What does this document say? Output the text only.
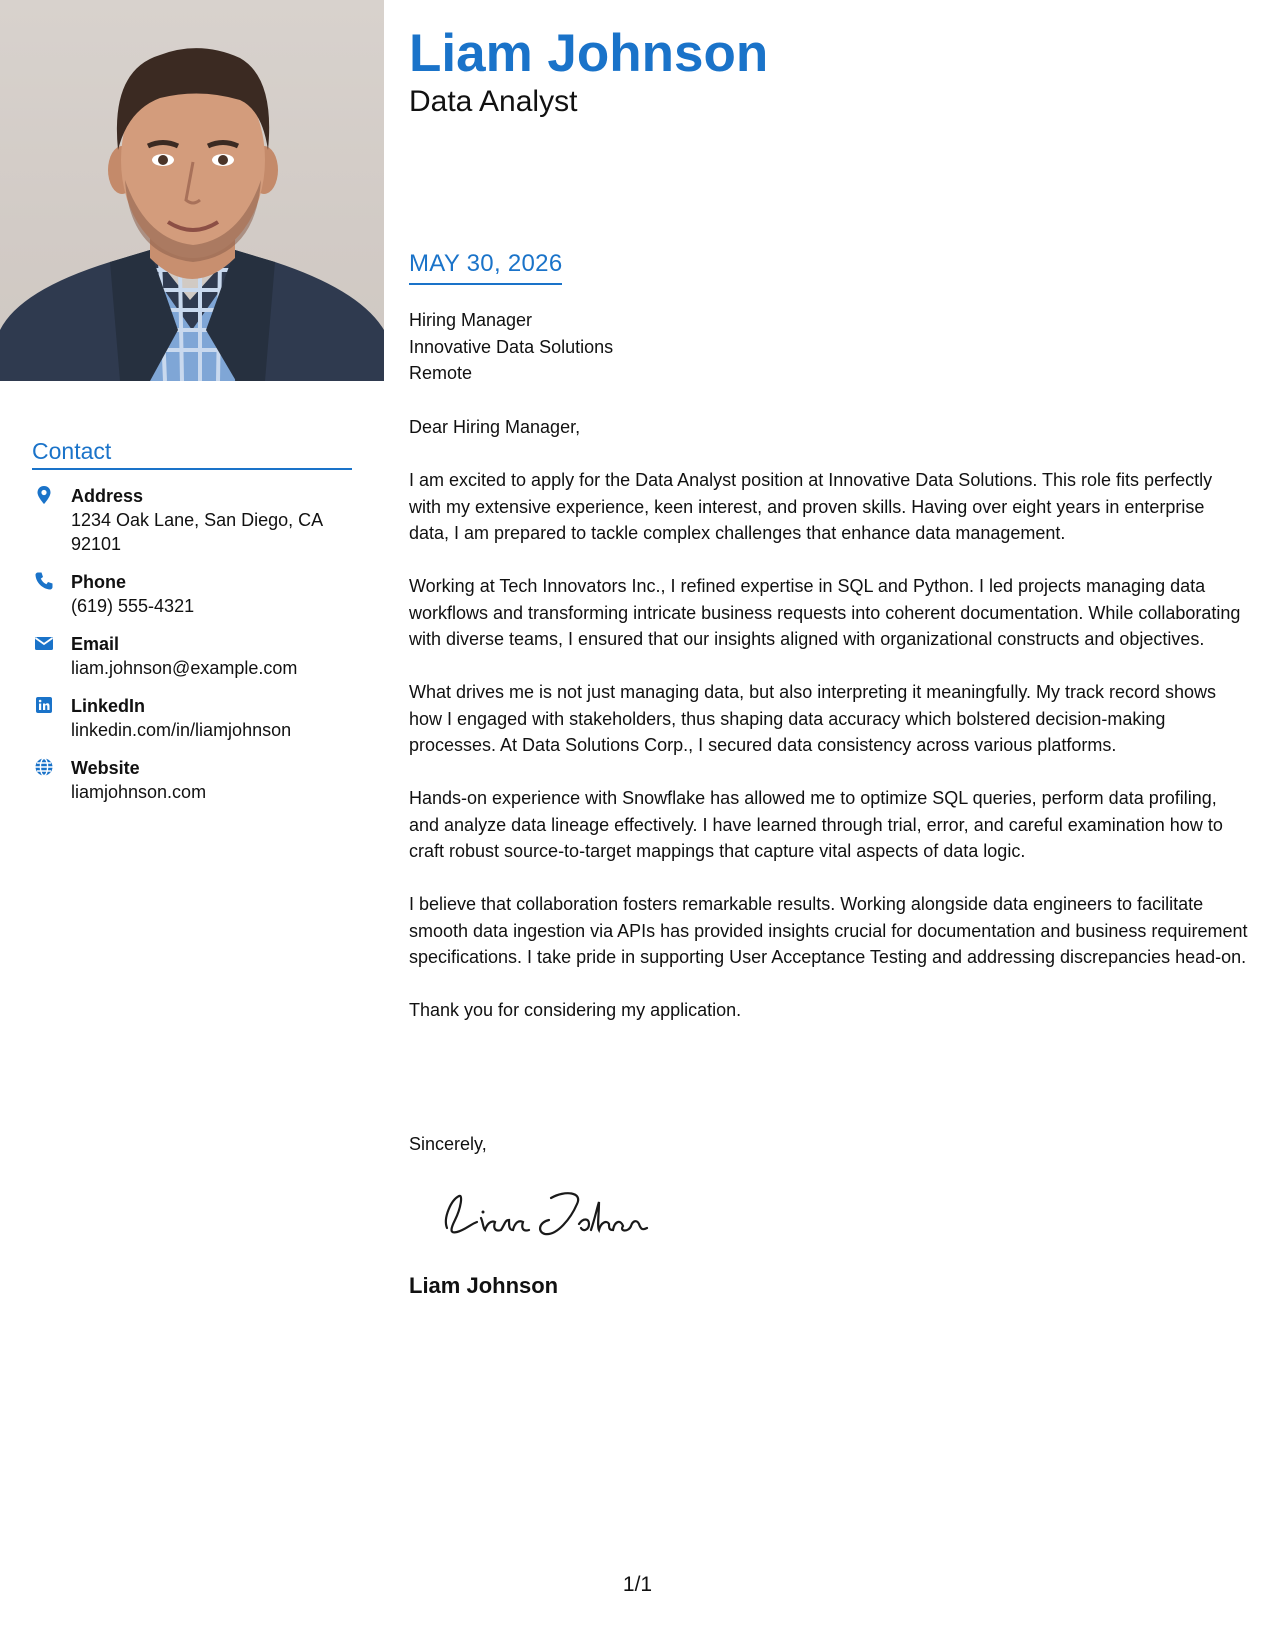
Contact
Address
1234 Oak Lane, San Diego, CA 92101
Phone
(619) 555-4321
Email
liam.johnson@example.com
LinkedIn
linkedin.com/in/liamjohnson
Website
liamjohnson.com
Liam Johnson
Data Analyst
MAY 30, 2026
Hiring Manager
Innovative Data Solutions
Remote

Dear Hiring Manager,

I am excited to apply for the Data Analyst position at Innovative Data Solutions. This role fits perfectly with my extensive experience, keen interest, and proven skills. Having over eight years in enterprise data, I am prepared to tackle complex challenges that enhance data management.

Working at Tech Innovators Inc., I refined expertise in SQL and Python. I led projects managing data workflows and transforming intricate business requests into coherent documentation. While collaborating with diverse teams, I ensured that our insights aligned with organizational constructs and objectives.

What drives me is not just managing data, but also interpreting it meaningfully. My track record shows how I engaged with stakeholders, thus shaping data accuracy which bolstered decision-making processes. At Data Solutions Corp., I secured data consistency across various platforms.

Hands-on experience with Snowflake has allowed me to optimize SQL queries, perform data profiling, and analyze data lineage effectively. I have learned through trial, error, and careful examination how to craft robust source-to-target mappings that capture vital aspects of data logic.

I believe that collaboration fosters remarkable results. Working alongside data engineers to facilitate smooth data ingestion via APIs has provided insights crucial for documentation and business requirement specifications. I take pride in supporting User Acceptance Testing and addressing discrepancies head-on.

Thank you for considering my application.

Sincerely,
Liam Johnson
1/1
